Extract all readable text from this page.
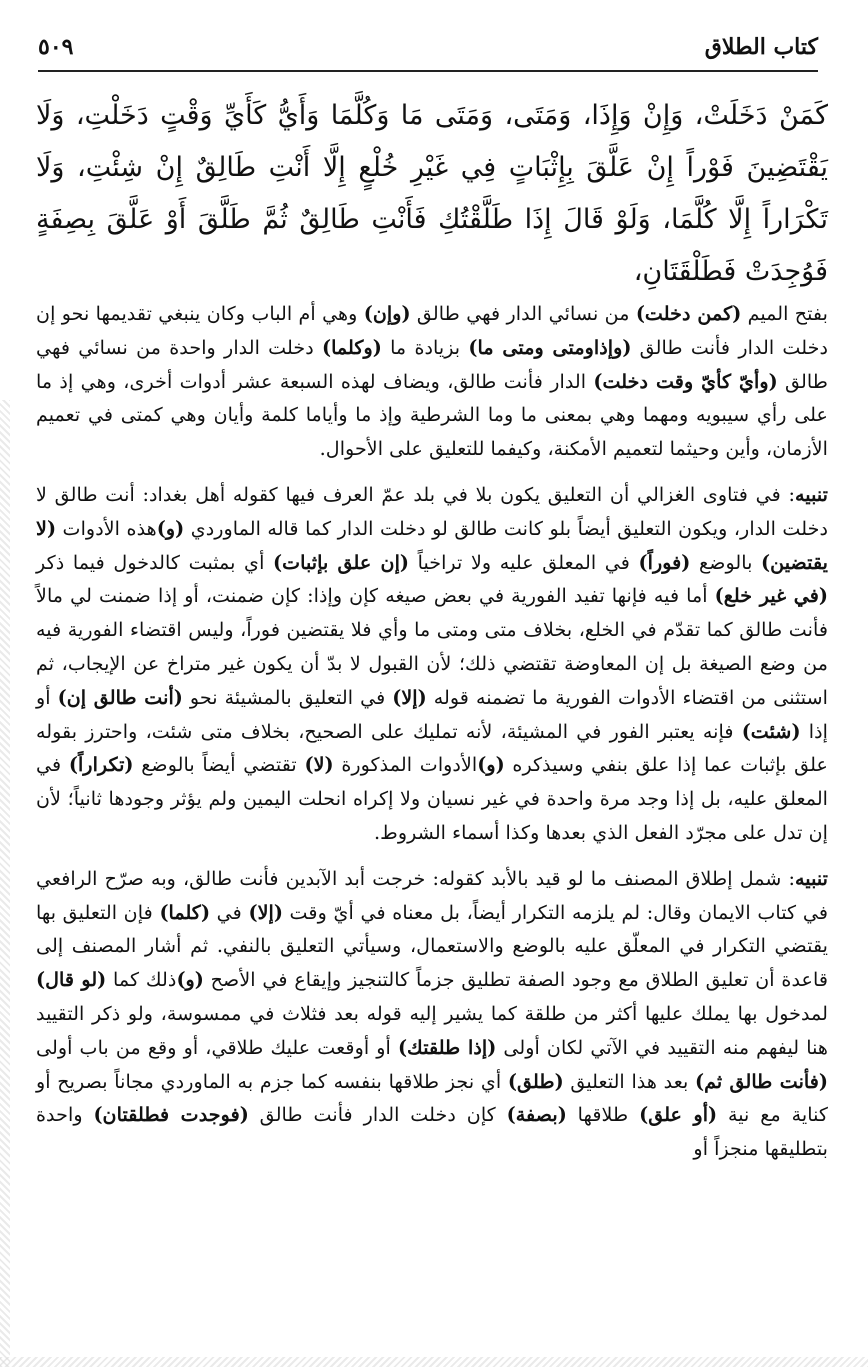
كتاب الطلاق
٥٠٩
كَمَنْ دَخَلَتْ، وَإِنْ وَإِذَا، وَمَتَى، وَمَتَى مَا وَكُلَّمَا وَأَيُّ كَأَيِّ وَقْتٍ دَخَلْتِ، وَلَا يَقْتَضِينَ فَوْراً إِنْ عَلَّقَ بِإِثْبَاتٍ فِي غَيْرِ خُلْعٍ إِلَّا أَنْتِ طَالِقٌ إِنْ شِئْتِ، وَلَا تَكْرَاراً إِلَّا كُلَّمَا، وَلَوْ قَالَ إِذَا طَلَّقْتُكِ فَأَنْتِ طَالِقٌ ثُمَّ طَلَّقَ أَوْ عَلَّقَ بِصِفَةٍ فَوُجِدَتْ فَطَلْقَتَانِ،

بفتح الميم (كمن دخلت) من نسائي الدار فهي طالق (وإن) وهي أم الباب وكان ينبغي تقديمها نحو إن دخلت الدار فأنت طالق (وإذاومتى ومتى ما) بزيادة ما (وكلما) دخلت الدار واحدة من نسائي فهي طالق (وأيّ كأيّ وقت دخلت) الدار فأنت طالق، ويضاف لهذه السبعة عشر أدوات أخرى، وهي إذ ما على رأي سيبويه ومهما وهي بمعنى ما وما الشرطية وإذ ما وأياما كلمة وأيان وهي كمتى في تعميم الأزمان، وأين وحيثما لتعميم الأمكنة، وكيفما للتعليق على الأحوال.

تنبيه: في فتاوى الغزالي أن التعليق يكون بلا في بلد عمّ العرف فيها كقوله أهل بغداد: أنت طالق لا دخلت الدار، ويكون التعليق أيضاً بلو كانت طالق لو دخلت الدار كما قاله الماوردي (و)هذه الأدوات (لا يقتضين) بالوضع (فوراً) في المعلق عليه ولا تراخياً (إن علق بإثبات) أي بمثبت كالدخول فيما ذكر (في غير خلع) أما فيه فإنها تفيد الفورية في بعض صيغه كإن وإذا: كإن ضمنت، أو إذا ضمنت لي مالاً فأنت طالق كما تقدّم في الخلع، بخلاف متى ومتى ما وأي فلا يقتضين فوراً، وليس اقتضاء الفورية فيه من وضع الصيغة بل إن المعاوضة تقتضي ذلك؛ لأن القبول لا بدّ أن يكون غير متراخ عن الإيجاب، ثم استثنى من اقتضاء الأدوات الفورية ما تضمنه قوله (إلا) في التعليق بالمشيئة نحو (أنت طالق إن) أو إذا (شئت) فإنه يعتبر الفور في المشيئة، لأنه تمليك على الصحيح، بخلاف متى شئت، واحترز بقوله علق بإثبات عما إذا علق بنفي وسيذكره (و)الأدوات المذكورة (لا) تقتضي أيضاً بالوضع (تكراراً) في المعلق عليه، بل إذا وجد مرة واحدة في غير نسيان ولا إكراه انحلت اليمين ولم يؤثر وجودها ثانياً؛ لأن إن تدل على مجرّد الفعل الذي بعدها وكذا أسماء الشروط.

تنبيه: شمل إطلاق المصنف ما لو قيد بالأبد كقوله: خرجت أبد الآبدين فأنت طالق، وبه صرّح الرافعي في كتاب الايمان وقال: لم يلزمه التكرار أيضاً، بل معناه في أيّ وقت (إلا) في (كلما) فإن التعليق بها يقتضي التكرار في المعلّق عليه بالوضع والاستعمال، وسيأتي التعليق بالنفي. ثم أشار المصنف إلى قاعدة أن تعليق الطلاق مع وجود الصفة تطليق جزماً كالتنجيز وإيقاع في الأصح (و)ذلك كما (لو قال) لمدخول بها يملك عليها أكثر من طلقة كما يشير إليه قوله بعد فثلاث في ممسوسة، ولو ذكر التقييد هنا ليفهم منه التقييد في الآتي لكان أولى (إذا طلقتك) أو أوقعت عليك طلاقي، أو وقع من باب أولى (فأنت طالق ثم) بعد هذا التعليق (طلق) أي نجز طلاقها بنفسه كما جزم به الماوردي مجاناً بصريح أو كناية مع نية (أو علق) طلاقها (بصفة) كإن دخلت الدار فأنت طالق (فوجدت فطلقتان) واحدة بتطليقها منجزاً أو
